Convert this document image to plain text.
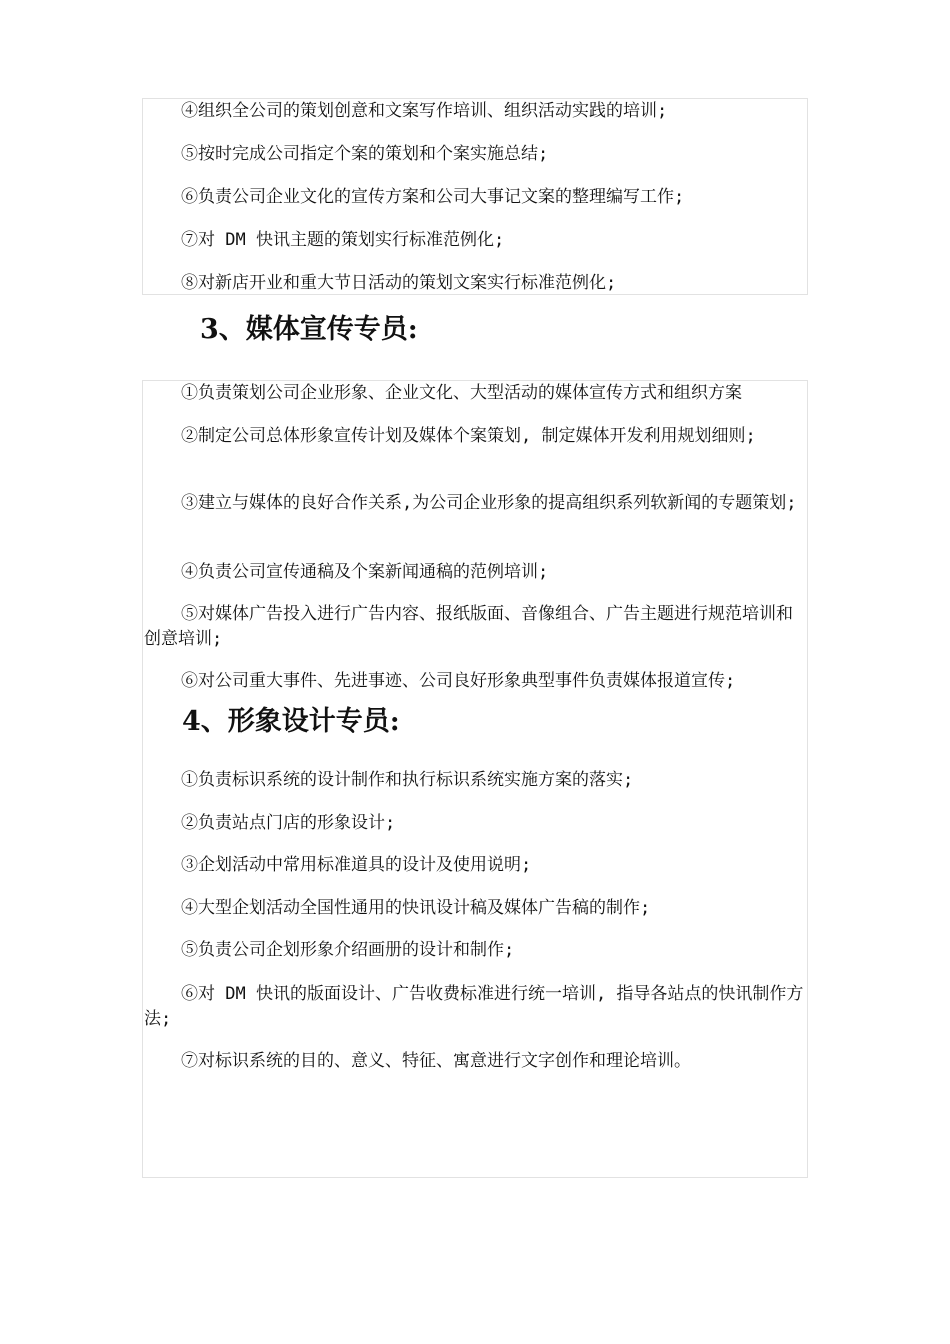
④组织全公司的策划创意和文案写作培训、组织活动实践的培训;

⑤按时完成公司指定个案的策划和个案实施总结;

⑥负责公司企业文化的宣传方案和公司大事记文案的整理编写工作;

⑦对 DM 快讯主题的策划实行标准范例化;

⑧对新店开业和重大节日活动的策划文案实行标准范例化;

3、媒体宣传专员:

①负责策划公司企业形象、企业文化、大型活动的媒体宣传方式和组织方案

②制定公司总体形象宣传计划及媒体个案策划, 制定媒体开发利用规划细则;

③建立与媒体的良好合作关系,为公司企业形象的提高组织系列软新闻的专题策划;

④负责公司宣传通稿及个案新闻通稿的范例培训;

⑤对媒体广告投入进行广告内容、报纸版面、音像组合、广告主题进行规范培训和创意培训;

⑥对公司重大事件、先进事迹、公司良好形象典型事件负责媒体报道宣传;

4、形象设计专员:

①负责标识系统的设计制作和执行标识系统实施方案的落实;

②负责站点门店的形象设计;

③企划活动中常用标准道具的设计及使用说明;

④大型企划活动全国性通用的快讯设计稿及媒体广告稿的制作;

⑤负责公司企划形象介绍画册的设计和制作;

⑥对 DM 快讯的版面设计、广告收费标准进行统一培训, 指导各站点的快讯制作方法;

⑦对标识系统的目的、意义、特征、寓意进行文字创作和理论培训。
